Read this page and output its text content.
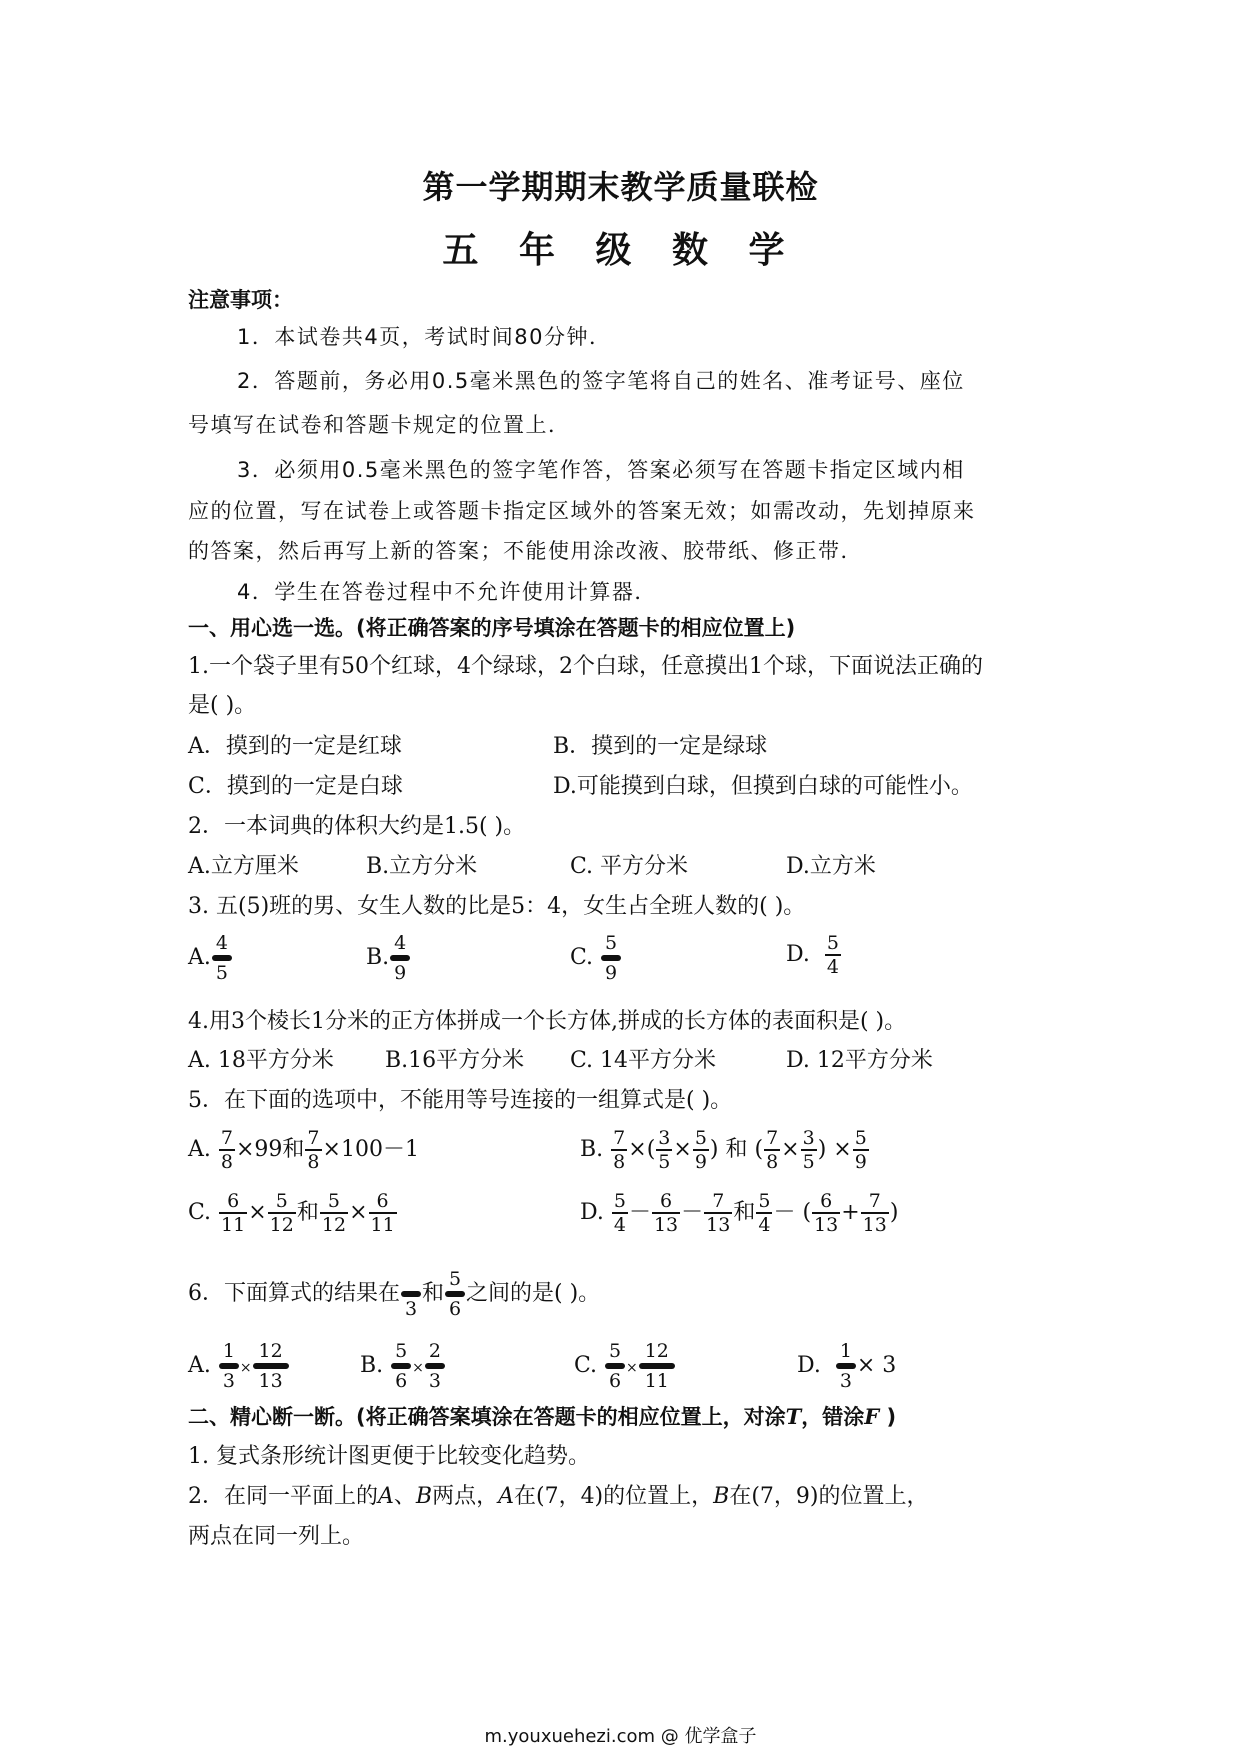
第一学期期末教学质量联检
五 年 级 数 学
注意事项：
1．本试卷共4页，考试时间80分钟．
2．答题前，务必用0.5毫米黑色的签字笔将自己的姓名、准考证号、座位
号填写在试卷和答题卡规定的位置上．
3．必须用0.5毫米黑色的签字笔作答，答案必须写在答题卡指定区域内相
应的位置，写在试卷上或答题卡指定区域外的答案无效；如需改动，先划掉原来
的答案，然后再写上新的答案；不能使用涂改液、胶带纸、修正带．
4．学生在答卷过程中不允许使用计算器．
一、用心选一选。(将正确答案的序号填涂在答题卡的相应位置上)
1.一个袋子里有50个红球，4个绿球，2个白球，任意摸出1个球，下面说法正确的
是( )。
A．摸到的一定是红球	B．摸到的一定是绿球
C．摸到的一定是白球	D.可能摸到白球，但摸到白球的可能性小。
2．一本词典的体积大约是1.5( )。
A.立方厘米	B.立方分米	C. 平方分米	D.立方米
3. 五(5)班的男、女生人数的比是5：4，女生占全班人数的( )。
A.
4
5
B.
4
9
C.
5
9
D. $\frac{5}{4}$
4.用3个棱长1分米的正方体拼成一个长方体,拼成的长方体的表面积是( )。
A. 18平方分米 B.16平方分米 C. 14平方分米	D. 12平方分米
5．在下面的选项中，不能用等号连接的一组算式是( )。
A. $\frac{7}{8} \times 99$和 $\frac{7}{8} \times 100-1$	B. $\frac{7}{8}$ ×( $\frac{3}{5} \times \frac{5}{9}$ ) 和 ( $\frac{7}{8} \times \frac{3}{5}$ ) × $\frac{5}{9}$
C. $\frac{6}{11} \times \frac{5}{12}$ 和 $\frac{5}{12} \times \frac{6}{11}$	D. $\frac{5}{4} - \frac{6}{13} - \frac{7}{13}$ 和 $\frac{5}{4}$ － ( $\frac{6}{13} + \frac{7}{13}$ )
6．下面算式的结果在

3
和
5
6
之间的是( )。
A.
1
3
×
12
13
B.
5
6
×
2
3
C.
5
6
×
12
11
D.
1
3
× 3
二、精心断一断。(将正确答案填涂在答题卡的相应位置上，对涂T，错涂F )
1. 复式条形统计图更便于比较变化趋势。
2．在同一平面上的A、B两点，A在(7，4)的位置上，B在(7，9)的位置上，
两点在同一列上。
m.youxuehezi.com @ 优学盒子
